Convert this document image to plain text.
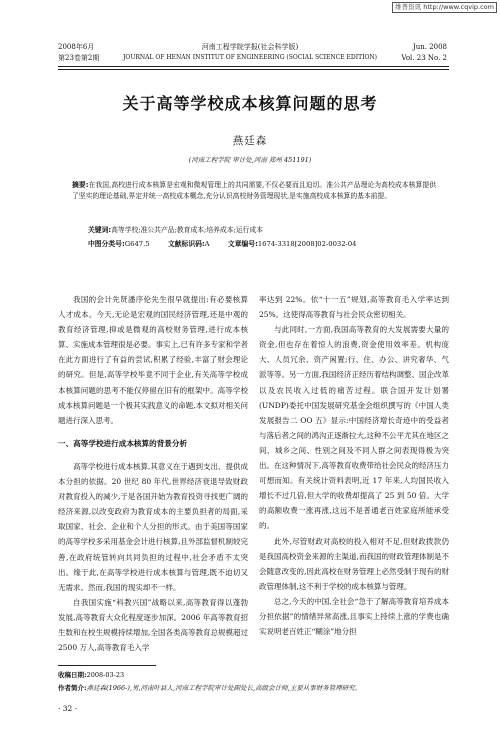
维普资讯 http://www.cqvip.com
2008年6月	河南工程学院学报(社会科学版)	Jun. 2008
第23卷第2期	JOURNAL OF HENAN INSTITUT OF ENGINEERING (SOCIAL SCIENCE EDITION)	Vol. 23 No. 2
关于高等学校成本核算问题的思考
燕廷森
(河南工程学院 审计处,河南 郑州 451191)
摘要:在我国,高校进行成本核算是宏观和微观管理上的共同需要,不仅必要而且迫切。准公共产品理论为高校成本核算提供了坚实的理论基础,界定并统一高校成本概念,充分认识高校财务管理现状,是实施高校成本核算的基本前提。
关键词:高等学校;准公共产品;教育成本;培养成本;运行成本
中图分类号:G647.5	文献标识码:A	文章编号:1674-3318[2008]02-0032-04

我国的会计先贤潘序伦先生很早就提出:有必要核算人才成本。今天,无论是宏观的国民经济管理,还是中观的教育经济管理,抑或是微观的高校财务管理,进行成本核算、实施成本管理很是必要。事实上,已有许多专家和学者在此方面进行了有益的尝试,积累了经验,丰富了财会理论的研究。但是,高等学校毕竟不同于企业,有关高等学校成本核算问题的思考不能仅停留在旧有的框架中。高等学校成本核算问题是一个极其实践意义的命题,本文拟对相关问题进行深入思考。

一、高等学校进行成本核算的背景分析

高等学校进行成本核算,其意义在于遇到支出、提供成本分担的依据。20 世纪 80 年代,世界经济衰退导致财政对教育投入的减少,于是各国开始为教育投资寻找更广阔的经济来源,以改变政府为教育成本的主要负担者的局面,采取国家、社会、企业和个人分担的形式。由于美国等国家的高等学校多采用基金会计进行核算,且外部监督机制较完善,在政府统管转向共同负担的过程中,社会矛盾不太突出。缘于此,在高等学校进行成本核算与管理,既不迫切又无需求。然而,我国的现实却不一样。

自我国实施“科教兴国”战略以来,高等教育得以蓬勃发展,高等教育大众化程度逐步加深。2006 年高等教育招生数和在校生规模持续增加,全国各类高等教育总规模超过 2500 万人,高等教育毛入学

率达到 22%。依“十一五”规划,高等教育毛入学率达到 25%。这使得高等教育与社会民众密切相关。

与此同时,一方面,我国高等教育的大发展需要大量的资金,但也存在着惊人的浪费,资金使用效率差。机构庞大、人员冗余、资产闲置;行、住、办公、讲究奢华、气派等等。另一方面,我国经济正经历着结构调整、国企改革以及农民收入过低的痛苦过程。联合国开发计划署(UNDP)委托中国发展研究基金会组织撰写的《中国人类发展报告二 OO 五》显示:中国经济增长奇迹中的受益者与落后者之间的鸿沟正逐渐拉大,这种不公平尤其在地区之间、城乡之间、性别之间及不同人群之间表现得极为突出。在这种情况下,高等教育收费带给社会民众的经济压力可想而知。有关统计资料表明,近 17 年来,人均国民收入增长不过几倍,但大学的收费却提高了 25 到 50 倍。大学的高额收费一涨再涨,这远不是普通老百姓家庭所能承受的。

此外,尽管财政对高校的投入相对不足,但财政拨款仍是我国高校资金来源的主渠道,而我国的财政管理体制是不会随意改变的,因此高校在财务管理上必然受制于现有的财政管理体制,这不利于学校的成本核算与管理。

总之,今天的中国,全社会“急于了解高等教育培养成本分担依据”的情绪异常高涨,且事实上持续上涨的学费也确实说明老百姓正“糊涂”地分担

收稿日期:2008-03-23
作者简介:燕廷森(1966-),男,河南叶县人,河南工程学院审计处副处长,高级会计师,主要从事财务管理研究。
· 32 ·
